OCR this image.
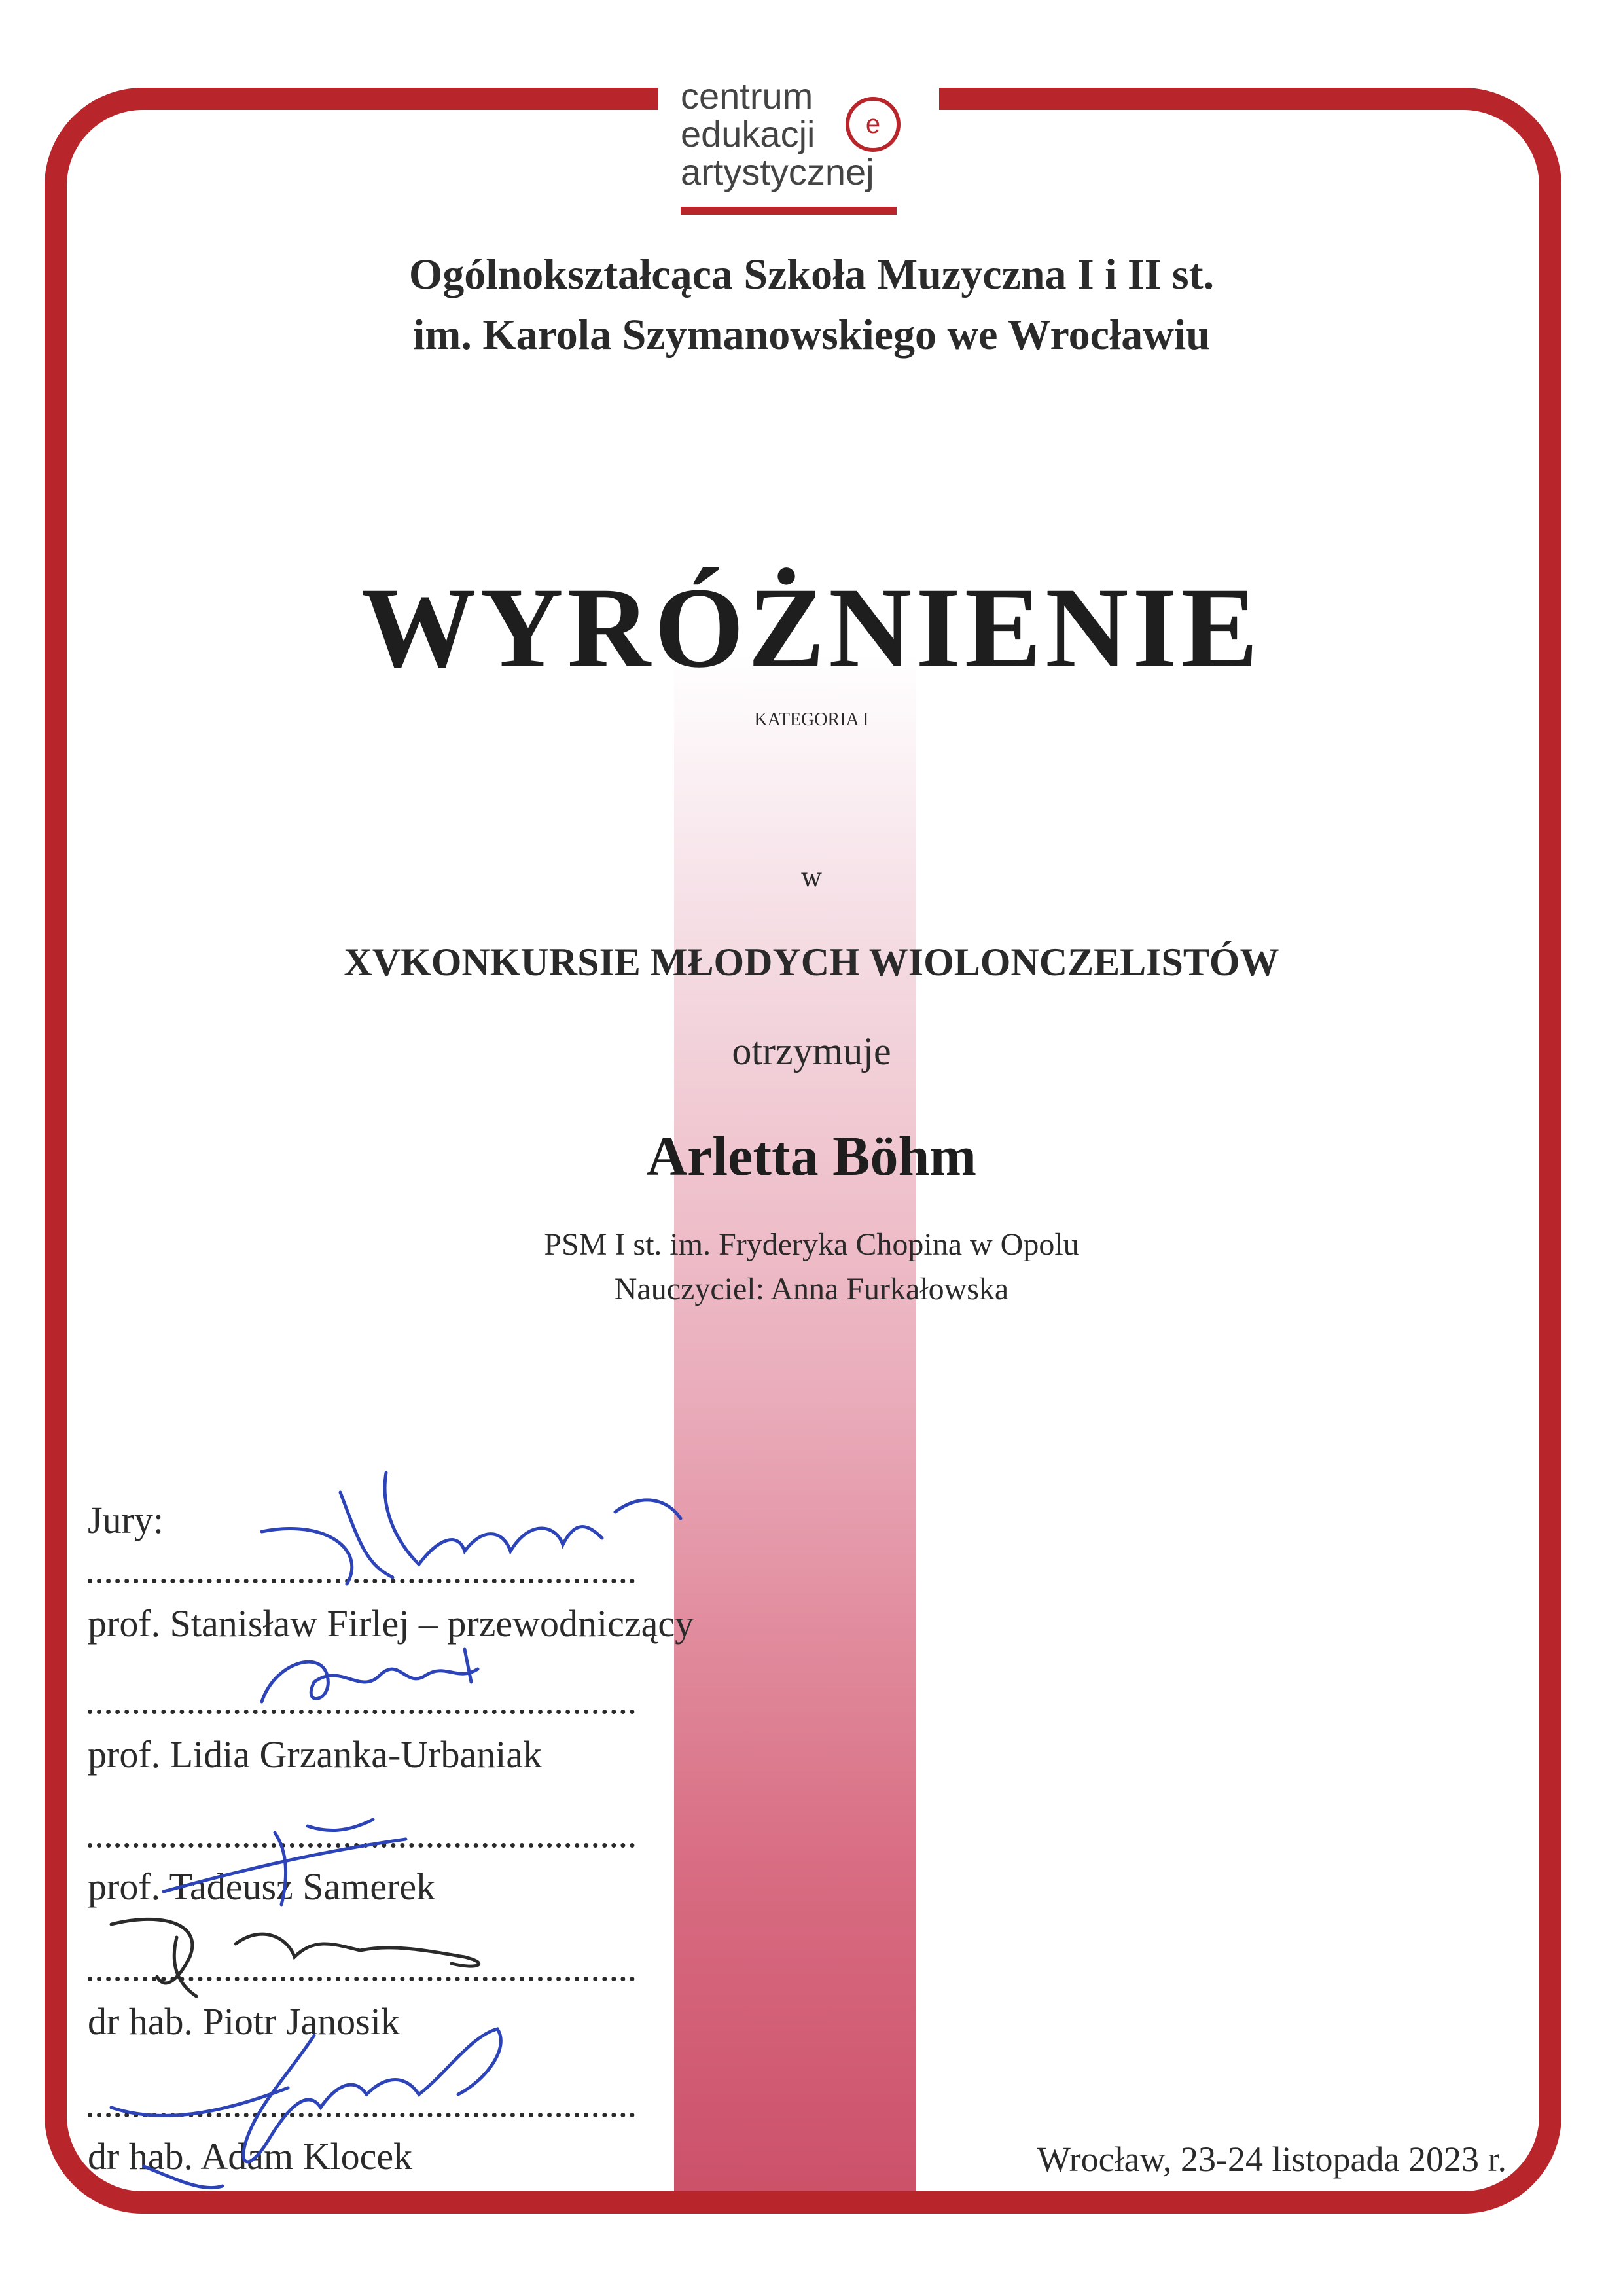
centrum
edukacji
artystycznej
e
Ogólnokształcąca Szkoła Muzyczna I i II st.
im. Karola Szymanowskiego we Wrocławiu
WYRÓŻNIENIE
KATEGORIA I
w
XVKONKURSIE MŁODYCH WIOLONCZELISTÓW
otrzymuje
Arletta Böhm
PSM I st. im. Fryderyka Chopina w Opolu
Nauczyciel: Anna Furkałowska
Jury:
prof. Stanisław Firlej – przewodniczący
prof. Lidia Grzanka-Urbaniak
prof. Tadeusz Samerek
dr hab. Piotr Janosik
dr hab. Adam Klocek	Wrocław, 23-24 listopada 2023 r.
